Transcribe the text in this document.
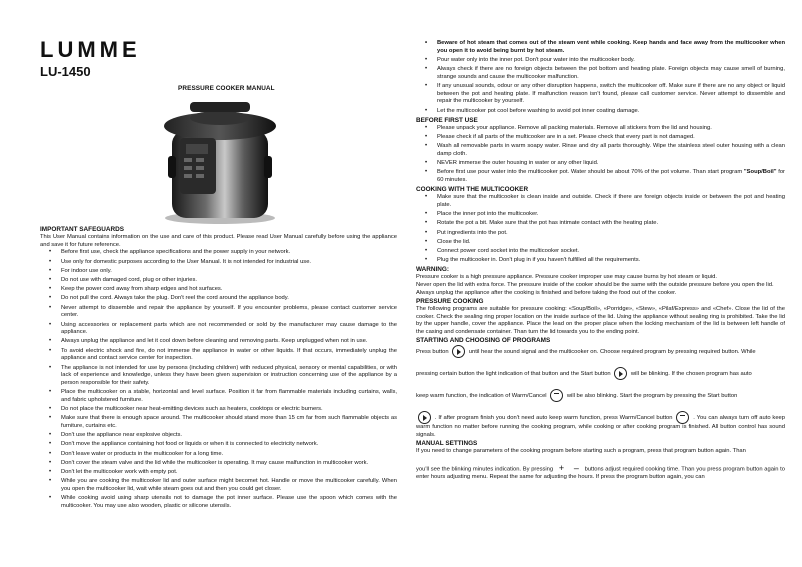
LUMME
LU-1450
PRESSURE COOKER MANUAL
IMPORTANT SAFEGUARDS

This User Manual contains information on the use and care of this product. Please read User Manual carefully before using the appliance and save it for future reference.

• Before first use, check the appliance specifications and the power supply in your network.
• Use only for domestic purposes according to the User Manual. It is not intended for industrial use.
• For indoor use only.
• Do not use with damaged cord, plug or other injuries.
• Keep the power cord away from sharp edges and hot surfaces.
• Do not pull the cord. Always take the plug. Don't reel the cord around the appliance body.
• Never attempt to dissemble and repair the appliance by yourself. If you encounter problems, please contact customer service center.
• Using accessories or replacement parts which are not recommended or sold by the manufacturer may cause damage to the appliance.
• Always unplug the appliance and let it cool down before cleaning and removing parts. Keep unplugged when not in use.
• To avoid electric shock and fire, do not immerse the appliance in water or other liquids. If that occurs, immediately unplug the appliance and contact service center for inspection.
• The appliance is not intended for use by persons (including children) with reduced physical, sensory or mental capabilities, or with lack of experience and knowledge, unless they have been given supervision or instruction concerning use of the appliance by a person responsible for their safety.
• Place the multicooker on a stable, horizontal and level surface. Position it far from flammable materials including curtains, walls, and fabric upholstered furniture.
• Do not place the multicooker near heat-emitting devices such as heaters, cooktops or electric burners.
• Make sure that there is enough space around. The multicooker should stand more than 15 cm far from such flammable objects as furniture, curtains etc.
• Don't use the appliance near explosive objects.
• Don't move the appliance containing hot food or liquids or when it is connected to electricity network.
• Don't leave water or products in the multicooker for a long time.
• Don't cover the steam valve and the lid while the multicooker is operating. It may cause malfunction in multicooker work.
• Don't let the multicooker work with empty pot.
• While you are cooking the multicooker lid and outer surface might becomet hot. Handle or move the multicooker carefully. When you open the multicooker lid, wait while steam goes out and then you could get closer.
• While cooking avoid using sharp utensils not to damage the pot inner surface. Please use the spoon which comes with the multicooker. You may use also wooden, plastic or silicone utensils.
• Beware of hot steam that comes out of the steam vent while cooking. Keep hands and face away from the multicooker when you open it to avoid being burnt by hot steam.
• Pour water only into the inner pot. Don't pour water into the multicooker body.
• Always check if there are no foreign objects between the pot bottom and heating plate. Foreign objects may cause smell of burning, strange sounds and cause the multicooker malfunction.
• If any unusual sounds, odour or any other disruption happens, switch the multicooker off. Make sure if there are no any object or liquid between the pot and heating plate. If malfunction reason isn't found, please call customer service. Never attempt to dissemble and repair the multicooker by yourself.
• Let the multicooker pot cool before washing to avoid pot inner coating damage.
BEFORE FIRST USE
• Please unpack your appliance. Remove all packing materials. Remove all stickers from the lid and housing.
• Please check if all parts of the multicooker are in a set. Please check that every part is not damaged.
• Wash all removable parts in warm soapy water. Rinse and dry all parts thoroughly. Wipe the stainless steel outer housing with a clean damp cloth.
• NEVER immerse the outer housing in water or any other liquid.
• Before first use pour water into the multicooker pot. Water should be about 70% of the pot volume. Than start program "Soup/Boil" for 60 minutes.
COOKING WITH THE MULTICOOKER
• Make sure that the multicooker is clean inside and outside. Check if there are foreign objects inside or between the pot and heating plate.
• Place the inner pot into the multicooker.
• Rotate the pot a bit. Make sure that the pot has intimate contact with the heating plate.
• Put ingredients into the pot.
• Close the lid.
• Connect power cord socket into the multicooker socket.
• Plug the multicooker in. Don't plug in if you haven't fulfilled all the requirements.
WARNING:

Pressure cooker is a high pressure appliance. Pressure cooker improper use may cause burns by hot steam or liquid.

Never open the lid with extra force. The pressure inside of the cooker should be the same with the outside pressure before you open the lid.

Always unplug the appliance after the cooking is finished and before taking the food out of the cooker.

PRESSURE COOKING

The following programs are suitable for pressure cooking: «Soup/Boil», «Porridge», «Stew», «Pilaf/Express» and «Chef». Close the lid of the cooker. Check the sealing ring proper location on the inside surface of the lid. Using the appliance without sealing ring is prohibited. Take the lid by the upper handle, cover the appliance. Place the lead on the proper place when the locking mechanism of the lid is between left handle of the casing and condensate container. Than turn the lid towards you to the ending point.

STARTING AND CHOOSING OF PROGRAMS

Press button	until hear the sound signal and the multicooker on. Choose required program by pressing required button. While

pressing certain button the light indication of that button and the Start button	will be blinking. If the chosen program has auto

keep warm function, the indication of Warm/Cancel	will be also blinking. Start the program by pressing the Start button

. If after program finish you don't need auto keep warm function, press Warm/Cancel button	. You can always turn off auto keep warm function no matter before running the cooking program, while cooking or after cooking program is finished. All button control has sound signals.

MANUAL SETTINGS

If you need to change parameters of the cooking program before starting such a program, press that program button again. Than

you'll see the blinking minutes indication. By pressing + – buttons adjust required cooking time. Than you press program button again to enter hours adjusting menu. Repeat the same for adjusting the hours. If press the program button again, you can
